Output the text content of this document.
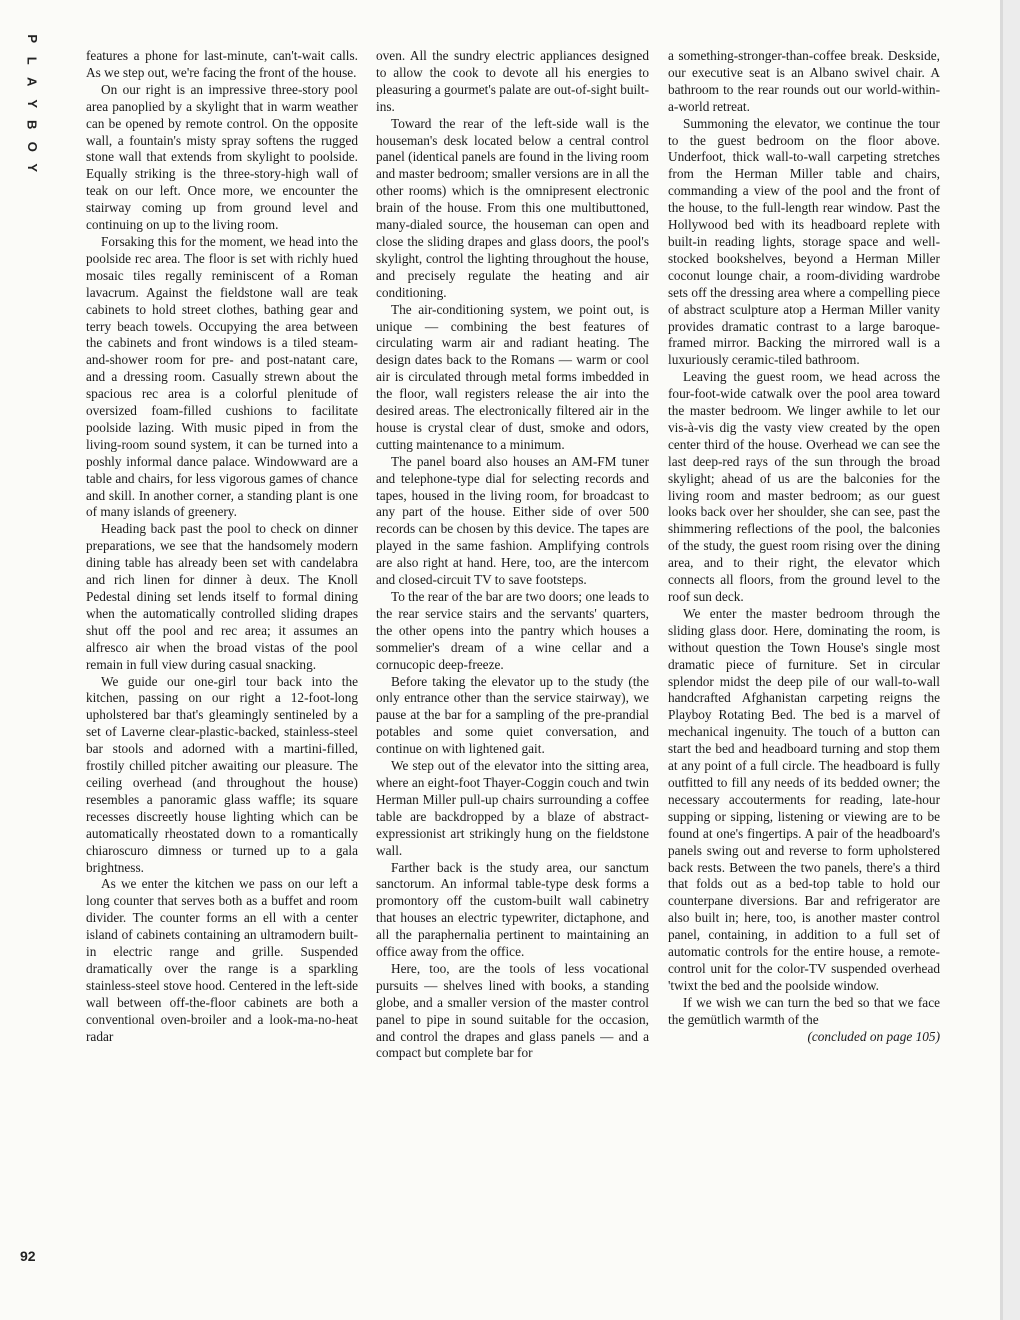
P
L
A
Y
B
O
Y

features a phone for last-minute, can't-wait calls. As we step out, we're facing the front of the house.

On our right is an impressive three-story pool area panoplied by a skylight that in warm weather can be opened by remote control. On the opposite wall, a fountain's misty spray softens the rugged stone wall that extends from skylight to poolside. Equally striking is the three-story-high wall of teak on our left. Once more, we encounter the stairway coming up from ground level and continuing on up to the living room.

Forsaking this for the moment, we head into the poolside rec area. The floor is set with richly hued mosaic tiles regally reminiscent of a Roman lavacrum. Against the fieldstone wall are teak cabinets to hold street clothes, bathing gear and terry beach towels. Occupying the area between the cabinets and front windows is a tiled steam-and-shower room for pre- and post-natant care, and a dressing room. Casually strewn about the spacious rec area is a colorful plenitude of oversized foam-filled cushions to facilitate poolside lazing. With music piped in from the living-room sound system, it can be turned into a poshly informal dance palace. Windowward are a table and chairs, for less vigorous games of chance and skill. In another corner, a standing plant is one of many islands of greenery.

Heading back past the pool to check on dinner preparations, we see that the handsomely modern dining table has already been set with candelabra and rich linen for dinner à deux. The Knoll Pedestal dining set lends itself to formal dining when the automatically controlled sliding drapes shut off the pool and rec area; it assumes an alfresco air when the broad vistas of the pool remain in full view during casual snacking.

We guide our one-girl tour back into the kitchen, passing on our right a 12-foot-long upholstered bar that's gleamingly sentineled by a set of Laverne clear-plastic-backed, stainless-steel bar stools and adorned with a martini-filled, frostily chilled pitcher awaiting our pleasure. The ceiling overhead (and throughout the house) resembles a panoramic glass waffle; its square recesses discreetly house lighting which can be automatically rheostated down to a romantically chiaroscuro dimness or turned up to a gala brightness.

As we enter the kitchen we pass on our left a long counter that serves both as a buffet and room divider. The counter forms an ell with a center island of cabinets containing an ultramodern built-in electric range and grille. Suspended dramatically over the range is a sparkling stainless-steel stove hood. Centered in the left-side wall between off-the-floor cabinets are both a conventional oven-broiler and a look-ma-no-heat radar

oven. All the sundry electric appliances designed to allow the cook to devote all his energies to pleasuring a gourmet's palate are out-of-sight built-ins.

Toward the rear of the left-side wall is the houseman's desk located below a central control panel (identical panels are found in the living room and master bedroom; smaller versions are in all the other rooms) which is the omnipresent electronic brain of the house. From this one multibuttoned, many-dialed source, the houseman can open and close the sliding drapes and glass doors, the pool's skylight, control the lighting throughout the house, and precisely regulate the heating and air conditioning.

The air-conditioning system, we point out, is unique — combining the best features of circulating warm air and radiant heating. The design dates back to the Romans — warm or cool air is circulated through metal forms imbedded in the floor, wall registers release the air into the desired areas. The electronically filtered air in the house is crystal clear of dust, smoke and odors, cutting maintenance to a minimum.

The panel board also houses an AM-FM tuner and telephone-type dial for selecting records and tapes, housed in the living room, for broadcast to any part of the house. Either side of over 500 records can be chosen by this device. The tapes are played in the same fashion. Amplifying controls are also right at hand. Here, too, are the intercom and closed-circuit TV to save footsteps.

To the rear of the bar are two doors; one leads to the rear service stairs and the servants' quarters, the other opens into the pantry which houses a sommelier's dream of a wine cellar and a cornucopic deep-freeze.

Before taking the elevator up to the study (the only entrance other than the service stairway), we pause at the bar for a sampling of the pre-prandial potables and some quiet conversation, and continue on with lightened gait.

We step out of the elevator into the sitting area, where an eight-foot Thayer-Coggin couch and twin Herman Miller pull-up chairs surrounding a coffee table are backdropped by a blaze of abstract-expressionist art strikingly hung on the fieldstone wall.

Farther back is the study area, our sanctum sanctorum. An informal table-type desk forms a promontory off the custom-built wall cabinetry that houses an electric typewriter, dictaphone, and all the paraphernalia pertinent to maintaining an office away from the office.

Here, too, are the tools of less vocational pursuits — shelves lined with books, a standing globe, and a smaller version of the master control panel to pipe in sound suitable for the occasion, and control the drapes and glass panels — and a compact but complete bar for

a something-stronger-than-coffee break. Deskside, our executive seat is an Albano swivel chair. A bathroom to the rear rounds out our world-within-a-world retreat.

Summoning the elevator, we continue the tour to the guest bedroom on the floor above. Underfoot, thick wall-to-wall carpeting stretches from the Herman Miller table and chairs, commanding a view of the pool and the front of the house, to the full-length rear window. Past the Hollywood bed with its headboard replete with built-in reading lights, storage space and well-stocked bookshelves, beyond a Herman Miller coconut lounge chair, a room-dividing wardrobe sets off the dressing area where a compelling piece of abstract sculpture atop a Herman Miller vanity provides dramatic contrast to a large baroque-framed mirror. Backing the mirrored wall is a luxuriously ceramic-tiled bathroom.

Leaving the guest room, we head across the four-foot-wide catwalk over the pool area toward the master bedroom. We linger awhile to let our vis-à-vis dig the vasty view created by the open center third of the house. Overhead we can see the last deep-red rays of the sun through the broad skylight; ahead of us are the balconies for the living room and master bedroom; as our guest looks back over her shoulder, she can see, past the shimmering reflections of the pool, the balconies of the study, the guest room rising over the dining area, and to their right, the elevator which connects all floors, from the ground level to the roof sun deck.

We enter the master bedroom through the sliding glass door. Here, dominating the room, is without question the Town House's single most dramatic piece of furniture. Set in circular splendor midst the deep pile of our wall-to-wall handcrafted Afghanistan carpeting reigns the Playboy Rotating Bed. The bed is a marvel of mechanical ingenuity. The touch of a button can start the bed and headboard turning and stop them at any point of a full circle. The headboard is fully outfitted to fill any needs of its bedded owner; the necessary accouterments for reading, late-hour supping or sipping, listening or viewing are to be found at one's fingertips. A pair of the headboard's panels swing out and reverse to form upholstered back rests. Between the two panels, there's a third that folds out as a bed-top table to hold our counterpane diversions. Bar and refrigerator are also built in; here, too, is another master control panel, containing, in addition to a full set of automatic controls for the entire house, a remote-control unit for the color-TV suspended overhead 'twixt the bed and the poolside window.

If we wish we can turn the bed so that we face the gemütlich warmth of the

(concluded on page 105)

92
